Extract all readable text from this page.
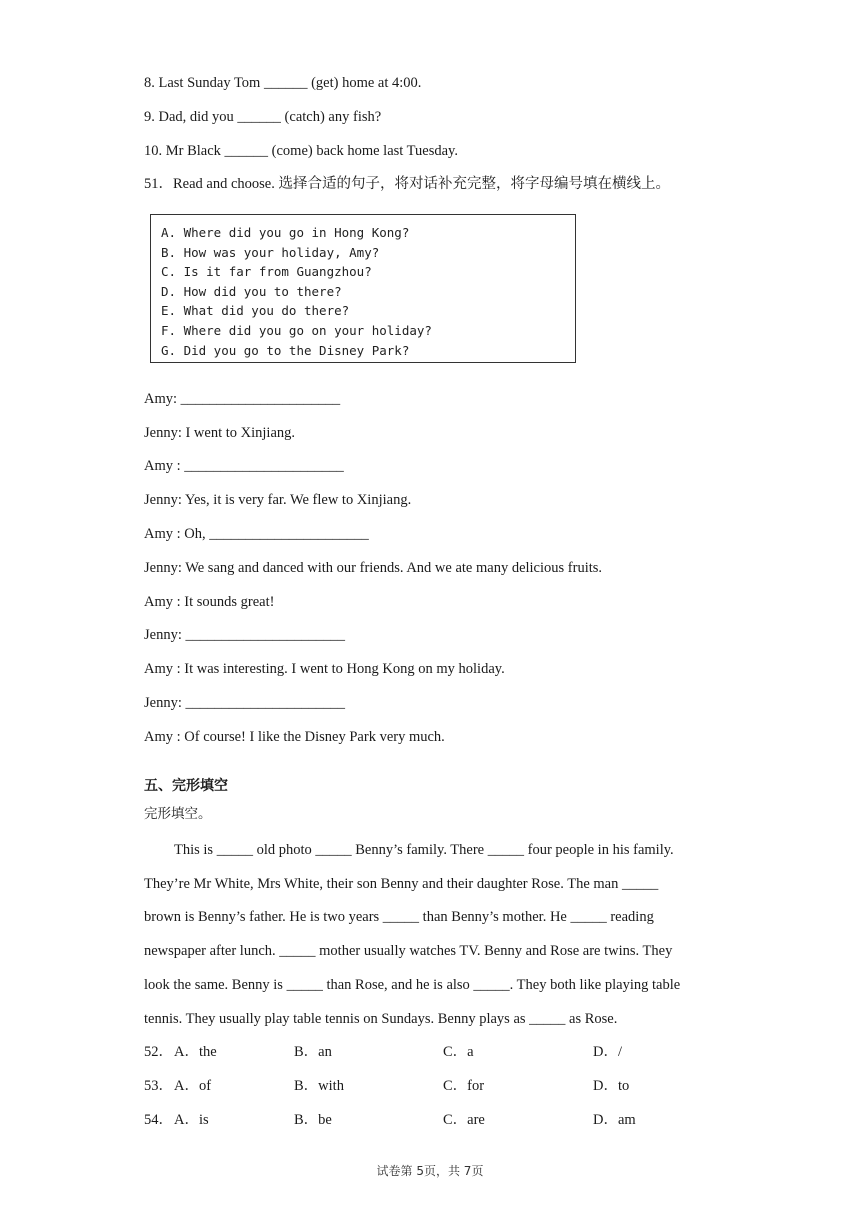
8. Last Sunday Tom ______ (get) home at 4:00.
9. Dad, did you ______ (catch) any fish?
10. Mr Black ______ (come) back home last Tuesday.
51．Read and choose. 选择合适的句子，将对话补充完整，将字母编号填在横线上。
A. Where did you go in Hong Kong?
B. How was your holiday, Amy?
C. Is it far from Guangzhou?
D. How did you to there?
E. What did you do there?
F. Where did you go on your holiday?
G. Did you go to the Disney Park?
Amy: ______________________
Jenny: I went to Xinjiang.
Amy : ______________________
Jenny: Yes, it is very far. We flew to Xinjiang.
Amy : Oh, ______________________
Jenny: We sang and danced with our friends. And we ate many delicious fruits.
Amy : It sounds great!
Jenny: ______________________
Amy : It was interesting. I went to Hong Kong on my holiday.
Jenny: ______________________
Amy : Of course! I like the Disney Park very much.
五、完形填空
完形填空。
This is _____ old photo _____ Benny’s family. There _____ four people in his family.
They’re Mr White, Mrs White, their son Benny and their daughter Rose. The man _____
brown is Benny’s father. He is two years _____ than Benny’s mother. He _____ reading
newspaper after lunch. _____ mother usually watches TV. Benny and Rose are twins. They
look the same. Benny is _____ than Rose, and he is also _____. They both like playing table
tennis. They usually play table tennis on Sundays. Benny plays as _____ as Rose.
52． A．the	B．an	C．a	D．/
53． A．of	B．with	C．for	D．to
54． A．is	B．be	C．are	D．am
试卷第 5页，共 7页
